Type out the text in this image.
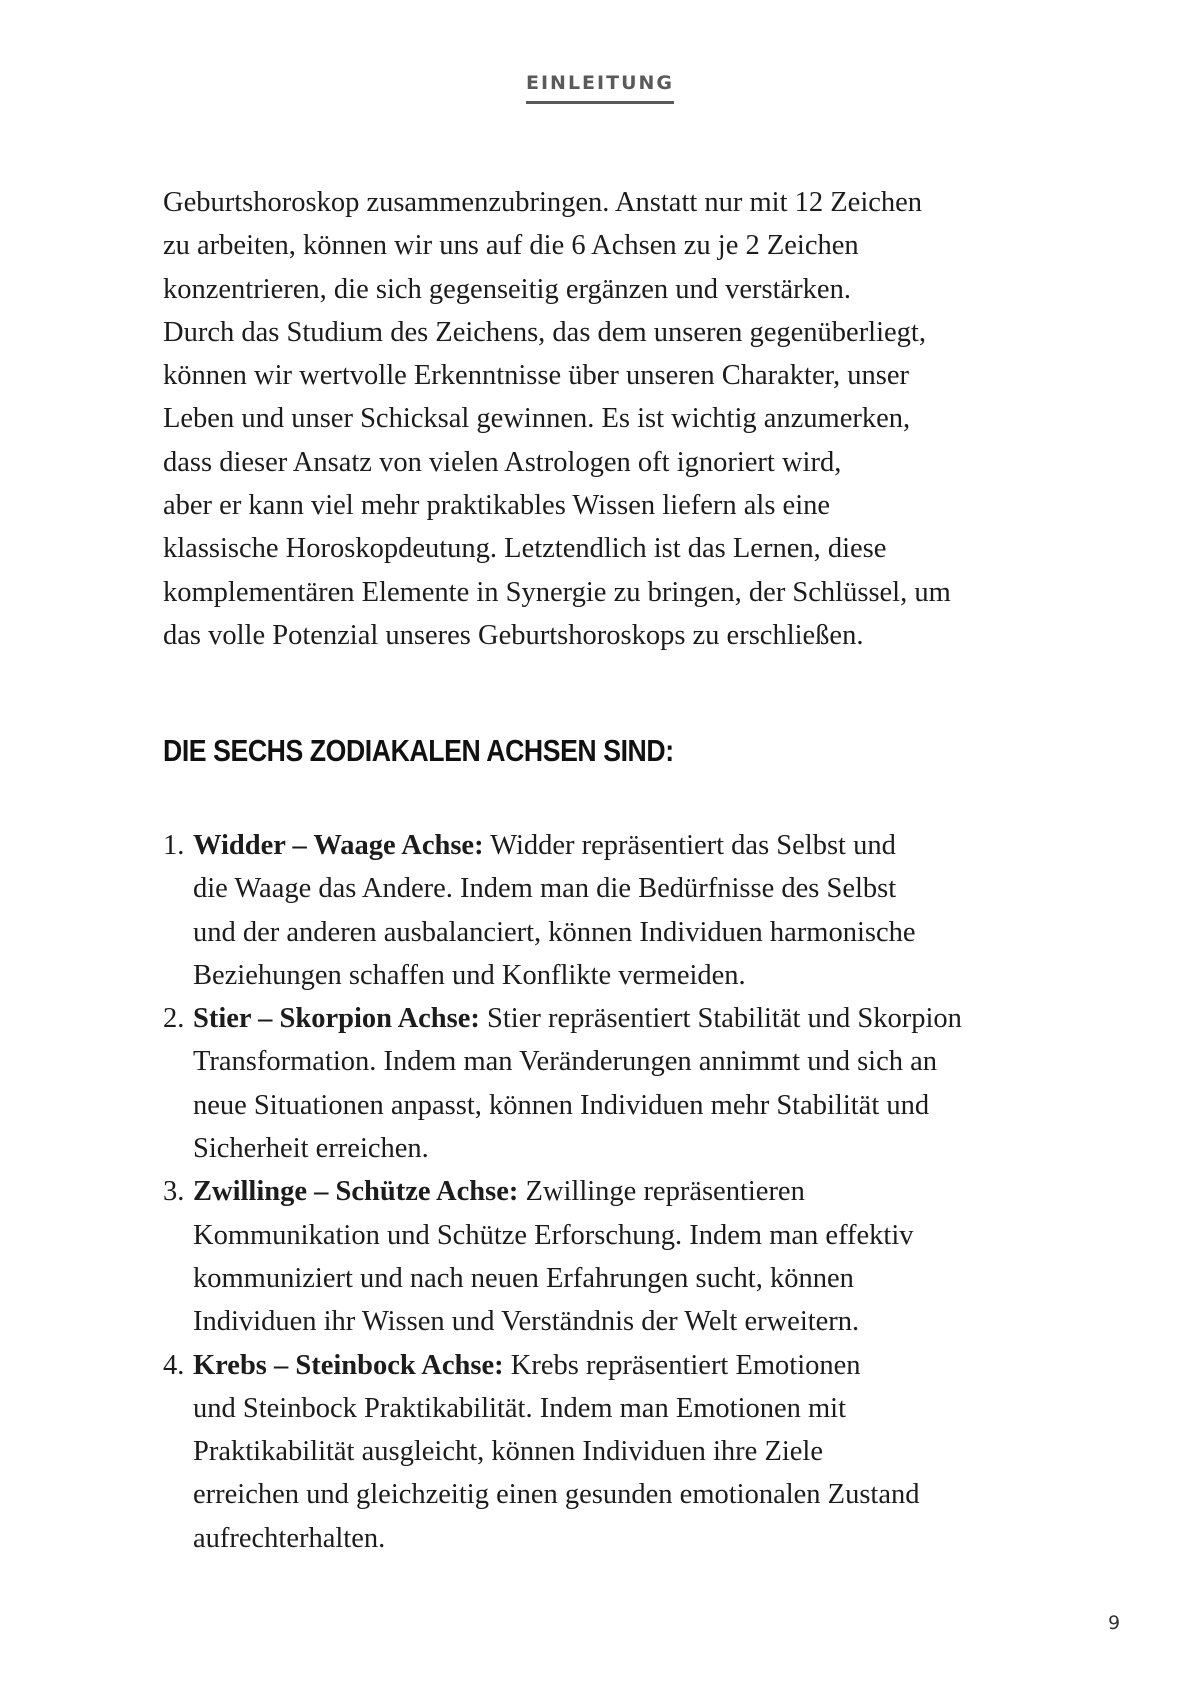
EINLEITUNG

Geburtshoroskop zusammenzubringen. Anstatt nur mit 12 Zeichen
zu arbeiten, können wir uns auf die 6 Achsen zu je 2 Zeichen
konzentrieren, die sich gegenseitig ergänzen und verstärken.
Durch das Studium des Zeichens, das dem unseren gegenüberliegt,
können wir wertvolle Erkenntnisse über unseren Charakter, unser
Leben und unser Schicksal gewinnen. Es ist wichtig anzumerken,
dass dieser Ansatz von vielen Astrologen oft ignoriert wird,
aber er kann viel mehr praktikables Wissen liefern als eine
klassische Horoskopdeutung. Letztendlich ist das Lernen, diese
komplementären Elemente in Synergie zu bringen, der Schlüssel, um
das volle Potenzial unseres Geburtshoroskops zu erschließen.

DIE SECHS ZODIAKALEN ACHSEN SIND:
1. Widder – Waage Achse: Widder repräsentiert das Selbst und
die Waage das Andere. Indem man die Bedürfnisse des Selbst
und der anderen ausbalanciert, können Individuen harmonische
Beziehungen schaffen und Konflikte vermeiden.
2. Stier – Skorpion Achse: Stier repräsentiert Stabilität und Skorpion
Transformation. Indem man Veränderungen annimmt und sich an
neue Situationen anpasst, können Individuen mehr Stabilität und
Sicherheit erreichen.
3. Zwillinge – Schütze Achse: Zwillinge repräsentieren
Kommunikation und Schütze Erforschung. Indem man effektiv
kommuniziert und nach neuen Erfahrungen sucht, können
Individuen ihr Wissen und Verständnis der Welt erweitern.
4. Krebs – Steinbock Achse: Krebs repräsentiert Emotionen
und Steinbock Praktikabilität. Indem man Emotionen mit
Praktikabilität ausgleicht, können Individuen ihre Ziele
erreichen und gleichzeitig einen gesunden emotionalen Zustand
aufrechterhalten.
9
